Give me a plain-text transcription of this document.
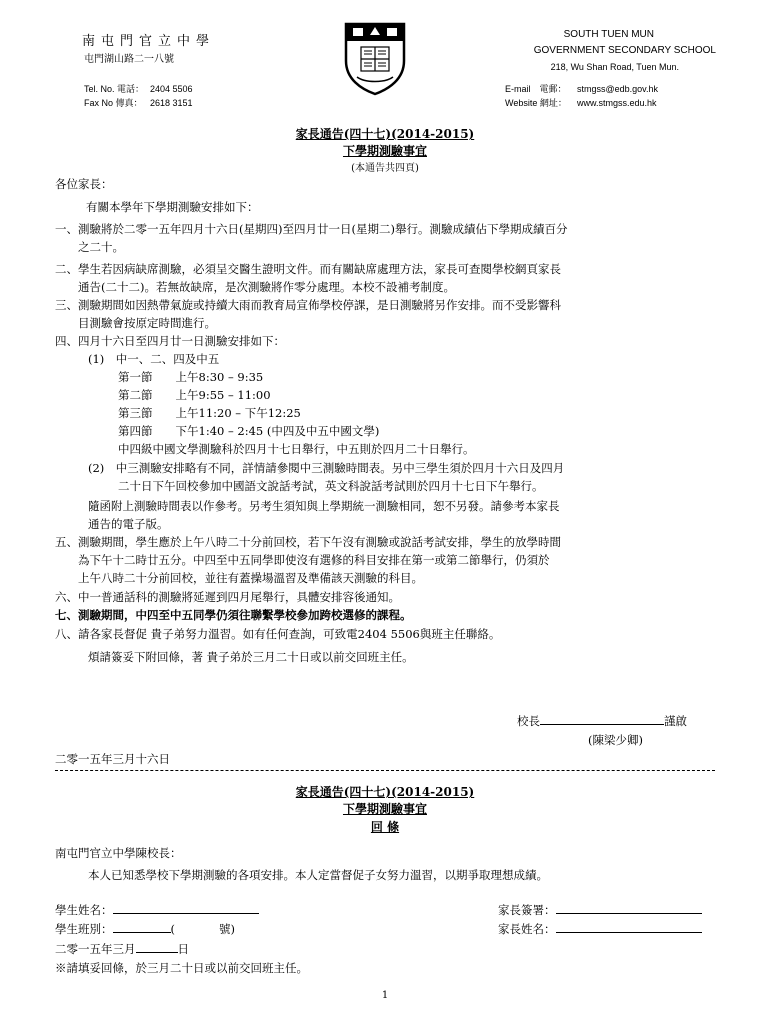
南屯門官立中學
屯門湖山路二一八號
Tel. No. 電話： 2404 5506
Fax No 傳真： 2618 3151
SOUTH TUEN MUN
GOVERNMENT SECONDARY SCHOOL
218, Wu Shan Road, Tuen Mun.
E-mail　電郵： stmgss@edb.gov.hk
Website 網址： www.stmgss.edu.hk
家長通告(四十七)(2014-2015)
下學期測驗事宜
(本通告共四頁)
各位家長：
有關本學年下學期測驗安排如下：
一、測驗將於二零一五年四月十六日(星期四)至四月廿一日(星期二)舉行。測驗成績佔下學期成績百分
　　之二十。
二、學生若因病缺席測驗，必須呈交醫生證明文件。而有關缺席處理方法，家長可查閱學校網頁家長
　　通告(二十二)。若無故缺席，是次測驗將作零分處理。本校不設補考制度。
三、測驗期間如因熱帶氣旋或持續大雨而教育局宣佈學校停課，是日測驗將另作安排。而不受影響科
　　目測驗會按原定時間進行。
四、四月十六日至四月廿一日測驗安排如下：
(1)　中一、二、四及中五
第一節　　上午8:30 – 9:35
第二節　　上午9:55 – 11:00
第三節　　上午11:20 – 下午12:25
第四節　　下午1:40 – 2:45 (中四及中五中國文學)
中四級中國文學測驗科於四月十七日舉行，中五則於四月二十日舉行。
(2)　中三測驗安排略有不同，詳情請參閱中三測驗時間表。另中三學生須於四月十六日及四月
二十日下午回校參加中國語文說話考試，英文科說話考試則於四月十七日下午舉行。
隨函附上測驗時間表以作參考。另考生須知與上學期統一測驗相同，恕不另發。請參考本家長
通告的電子版。
五、測驗期間，學生應於上午八時二十分前回校，若下午沒有測驗或說話考試安排，學生的放學時間
　　為下午十二時廿五分。中四至中五同學即使沒有選修的科目安排在第一或第二節舉行，仍須於
　　上午八時二十分前回校，並往有蓋操場溫習及準備該天測驗的科目。
六、中一普通話科的測驗將延遲到四月尾舉行，具體安排容後通知。
七、測驗期間，中四至中五同學仍須往聯繫學校參加跨校選修的課程。
八、請各家長督促 貴子弟努力溫習。如有任何查詢，可致電2404 5506與班主任聯絡。
煩請簽妥下附回條，著 貴子弟於三月二十日或以前交回班主任。
校長	謹啟
(陳梁少卿)
二零一五年三月十六日
家長通告(四十七)(2014-2015)
下學期測驗事宜
回 條
南屯門官立中學陳校長：
本人已知悉學校下學期測驗的各項安排。本人定當督促子女努力溫習，以期爭取理想成績。
學生姓名：	家長簽署：
學生班別：	(	號)	家長姓名：
二零一五年三月	日
※請填妥回條，於三月二十日或以前交回班主任。
1
